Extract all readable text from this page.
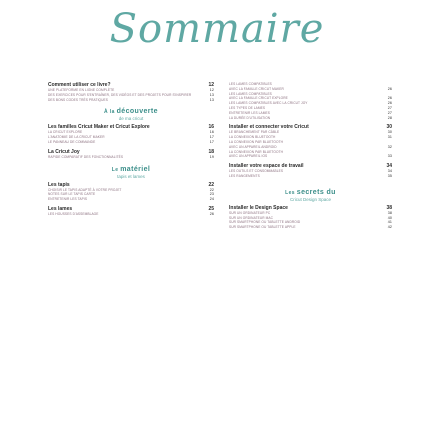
Sommaire
Comment utiliser ce livre?	12
UNE PLATEFORME EN LIGNE COMPLÈTE	12
DES EXERCICES POUR S'ENTRAÎNER, DES VIDÉOS ET DES PROJETS POUR S'INSPIRER	13
DES BONS CODES TRÈS PRATIQUES	13
À la découverte
de ma cricut
Les familles Cricut Maker et Cricut Explore	16
LA CRICUT EXPLORE	16
L'ANATOMIE DE LA CRICUT MAKER	17
LE PANNEAU DE COMMANDE	17
La Cricut Joy	18
RAPIDE COMPARATIF DES FONCTIONNALITÉS	19
Le matériel
tapis et lames
Les tapis	22
CHOISIR LE TAPIS ADAPTÉ À VOTRE PROJET	22
NOTES SUR LE TAPIS CARTE	23
ENTRETENIR LES TAPIS	24
Les lames	25
LES HOUSSES D'ASSEMBLAGE	26
LES LAMES COMPATIBLES
AVEC LA FAMILLE CRICUT MAKER	26
LES LAMES COMPATIBLES
AVEC LA FAMILLE CRICUT EXPLORE	26
LES LAMES COMPATIBLES AVEC LA CRICUT JOY	26
LES TYPES DE LAMES	27
ENTRETENIR LES LAMES	27
LA DURÉE D'UTILISATION	28
Installer et connecter votre Cricut	30
LE BRANCHEMENT PAR CÂBLE	30
LA CONNEXION BLUETOOTH	31
LA CONNEXION PAR BLUETOOTH
AVEC UN APPAREIL ANDROID	32
LA CONNEXION PAR BLUETOOTH
AVEC UN APPAREIL IOS	33
Installer votre espace de travail	34
LES OUTILS ET CONSOMMABLES	34
LES RANGEMENTS	35
Les secrets du
Cricut Design Space
Installer le Design Space	38
SUR UN ORDINATEUR PC	38
SUR UN ORDINATEUR MAC	40
SUR SMARTPHONE OU TABLETTE ANDROID	41
SUR SMARTPHONE OU TABLETTE APPLE	42
